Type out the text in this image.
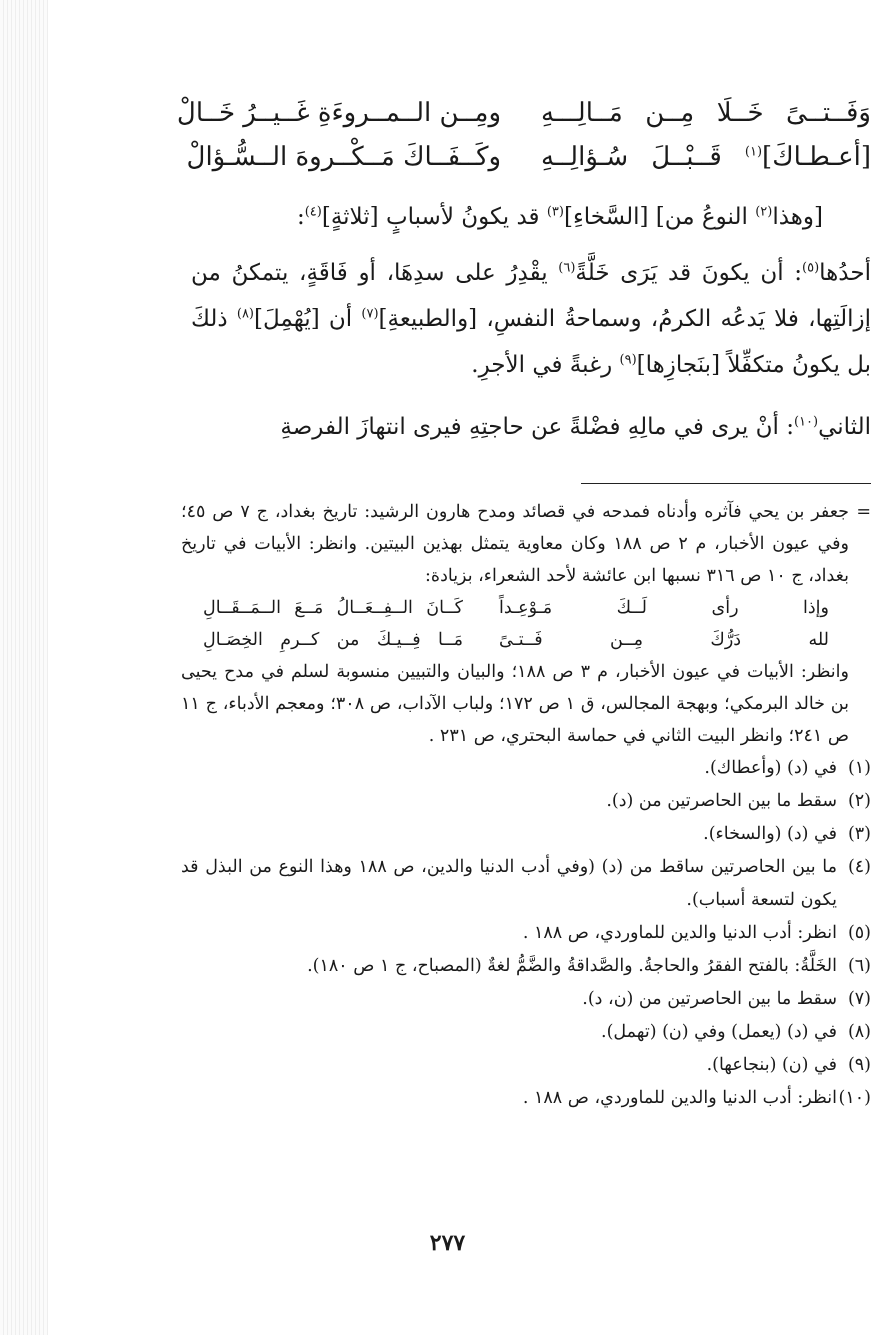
وَفَــتــىً خَــلَا مِــن مَــالِـــهِ
ومِــن الــمــروءَةِ غَــيــرُ خَــالْ
[أعـطـاكَ]$^{(١)}$ قَــبْــلَ سُـؤالِــهِ
وكَــفَــاكَ مَــكْــروهَ الــسُّـؤالْ

[وهذا$^{(٢)}$ النوعُ من] [السَّخاءِ]$^{(٣)}$ قد يكونُ لأسبابٍ [ثلاثةٍ]$^{(٤)}$:

أحدُها$^{(٥)}$: أن يكونَ قد يَرَى خَلَّةً$^{(٦)}$ يقْدِرُ على سدِهَا، أو فَاقَةٍ، يتمكنُ من إزالَتِها، فلا يَدعُه الكرمُ، وسماحةُ النفسِ، [والطبيعةِ]$^{(٧)}$ أن [يُهْمِلَ]$^{(٨)}$ ذلكَ بل يكونُ متكفِّلاً [بنَجازِها]$^{(٩)}$ رغبةً في الأجرِ.

الثاني$^{(١٠)}$: أنْ يرى في مالِهِ فضْلةً عن حاجتِهِ فيرى انتهازَ الفرصةِ

=
جعفر بن يحي فآثره وأدناه فمدحه في قصائد ومدح هارون الرشيد: تاريخ بغداد، ج ٧ ص ٤٥؛ وفي عيون الأخبار، م ٢ ص ١٨٨ وكان معاوية يتمثل بهذين البيتين. وانظر: الأبيات في تاريخ بغداد، ج ١٠ ص ٣١٦ نسبها ابن عائشة لأحد الشعراء، بزيادة:

وإذا رأى لَــكَ مَـوْعِـداً
كَــانَ الــفِــعَــالُ مَــعَ الــمَــقَــالِ
لله دَرُّكَ مِــن فَــتـىً
مَــا فِــيـكَ من كــرمِ الخِصَـالِ

وانظر: الأبيات في عيون الأخبار، م ٣ ص ١٨٨؛ والبيان والتبيين منسوبة لسلم في مدح يحيى بن خالد البرمكي؛ وبهجة المجالس، ق ١ ص ١٧٢؛ ولباب الآداب، ص ٣٠٨؛ ومعجم الأدباء، ج ١١ ص ٢٤١؛ وانظر البيت الثاني في حماسة البحتري، ص ٢٣١ .

(١)
في (د) (وأعطاك).
(٢)
سقط ما بين الحاصرتين من (د).
(٣)
في (د) (والسخاء).
(٤)
ما بين الحاصرتين ساقط من (د) (وفي أدب الدنيا والدين، ص ١٨٨ وهذا النوع من البذل قد يكون لتسعة أسباب).
(٥)
انظر: أدب الدنيا والدين للماوردي، ص ١٨٨ .
(٦)
الخَلَّةُ: بالفتح الفقرُ والحاجةُ. والصَّداقةُ والضَّمُّ لغةٌ (المصباح، ج ١ ص ١٨٠).
(٧)
سقط ما بين الحاصرتين من (ن، د).
(٨)
في (د) (يعمل) وفي (ن) (تهمل).
(٩)
في (ن) (بنجاعها).
(١٠)
انظر: أدب الدنيا والدين للماوردي، ص ١٨٨ .
٢٧٧
